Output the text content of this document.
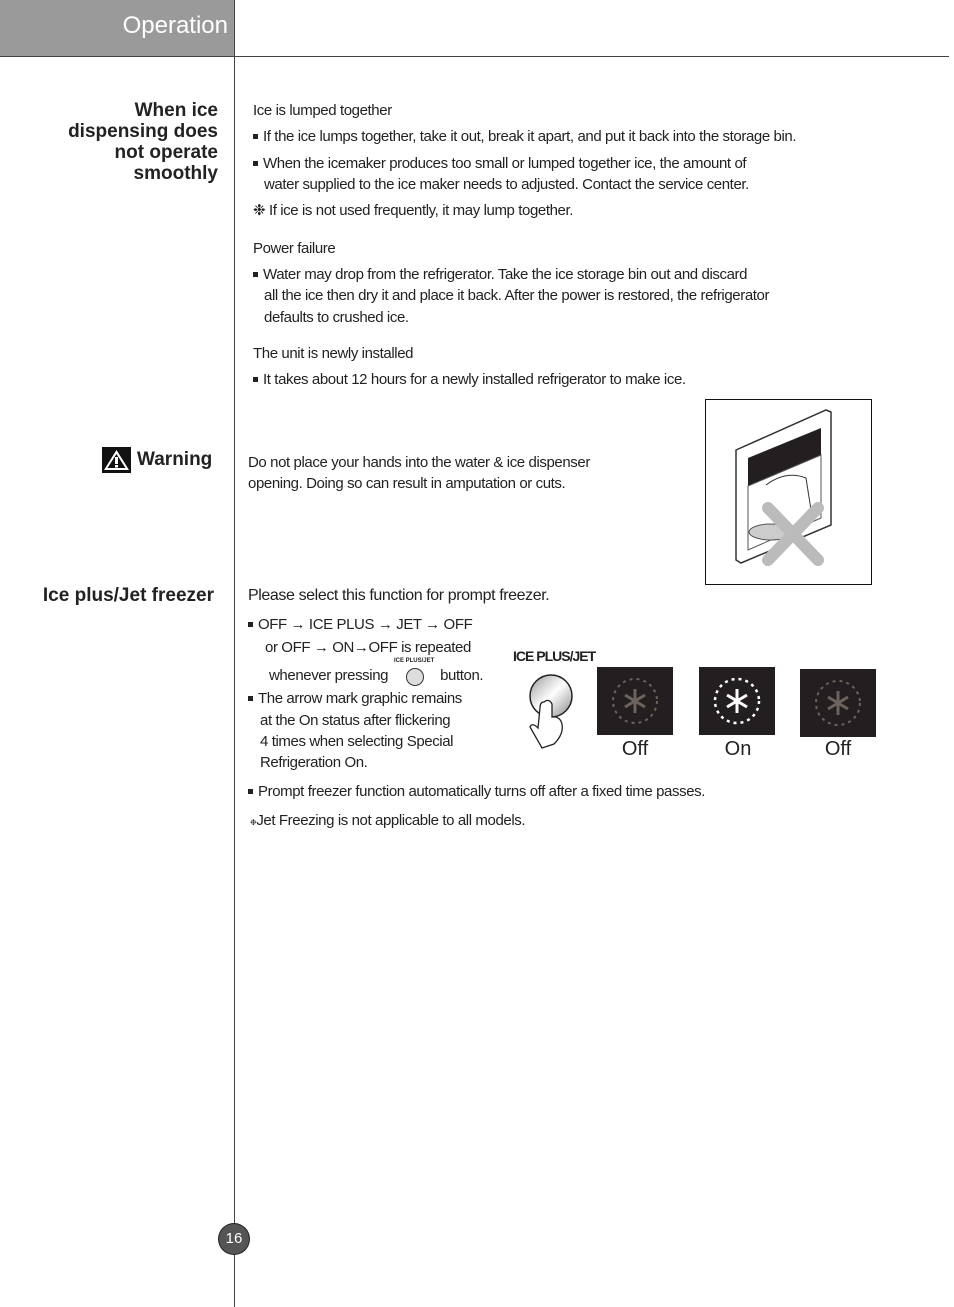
Operation
When ice
dispensing does
not operate
smoothly
Ice is lumped together
If the ice lumps together, take it out, break it apart, and put it back into the storage bin.
When the icemaker produces too small or lumped together ice, the amount of
water supplied to the ice maker needs to adjusted. Contact the service center.
❉ If ice is not used frequently, it may lump together.
Power failure
Water may drop from the refrigerator. Take the ice storage bin out and discard
all the ice then dry it and place it back. After the power is restored, the refrigerator
defaults to crushed ice.
The unit is newly installed
It takes about 12 hours for a newly installed refrigerator to make ice.
Warning Do not place your hands into the water & ice dispenser
opening. Doing so can result in amputation or cuts.
Ice plus/Jet freezer Please select this function for prompt freezer.
OFF → ICE PLUS → JET → OFF
or OFF → ON→OFF is repeated
whenever pressing
ICE PLUS/JET
button.
The arrow mark graphic remains
at the On status after flickering
4 times when selecting Special
Refrigeration On.
ICE PLUS/JET
Off	On	Off
Prompt freezer function automatically turns off after a fixed time passes.
❉Jet Freezing is not applicable to all models.
16
